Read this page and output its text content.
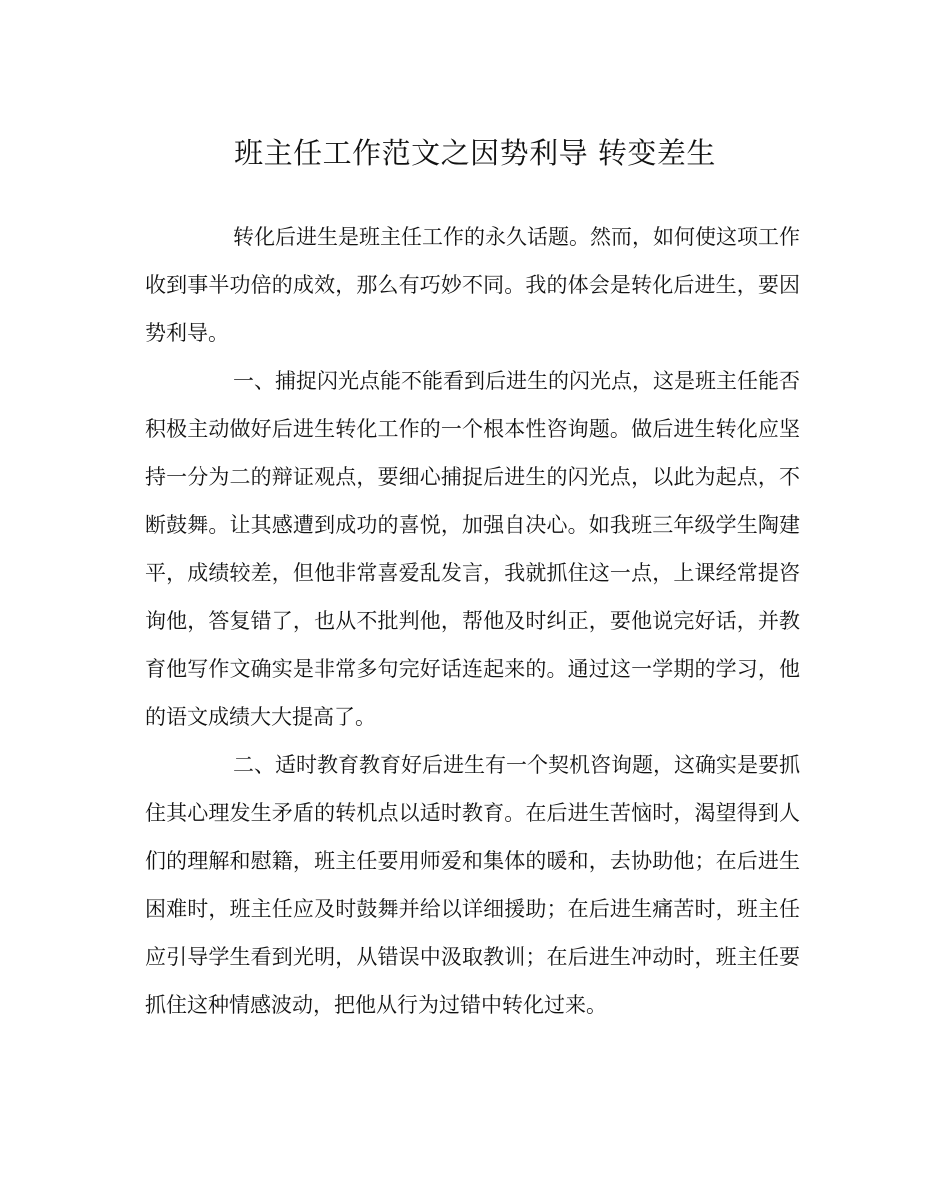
班主任工作范文之因势利导 转变差生

转化后进生是班主任工作的永久话题。然而，如何使这项工作收到事半功倍的成效，那么有巧妙不同。我的体会是转化后进生，要因势利导。

一、捕捉闪光点能不能看到后进生的闪光点，这是班主任能否积极主动做好后进生转化工作的一个根本性咨询题。做后进生转化应坚持一分为二的辩证观点，要细心捕捉后进生的闪光点，以此为起点，不断鼓舞。让其感遭到成功的喜悦，加强自决心。如我班三年级学生陶建平，成绩较差，但他非常喜爱乱发言，我就抓住这一点，上课经常提咨询他，答复错了，也从不批判他，帮他及时纠正，要他说完好话，并教育他写作文确实是非常多句完好话连起来的。通过这一学期的学习，他的语文成绩大大提高了。

二、适时教育教育好后进生有一个契机咨询题，这确实是要抓住其心理发生矛盾的转机点以适时教育。在后进生苦恼时，渴望得到人们的理解和慰籍，班主任要用师爱和集体的暖和，去协助他；在后进生困难时，班主任应及时鼓舞并给以详细援助；在后进生痛苦时，班主任应引导学生看到光明，从错误中汲取教训；在后进生冲动时，班主任要抓住这种情感波动，把他从行为过错中转化过来。
